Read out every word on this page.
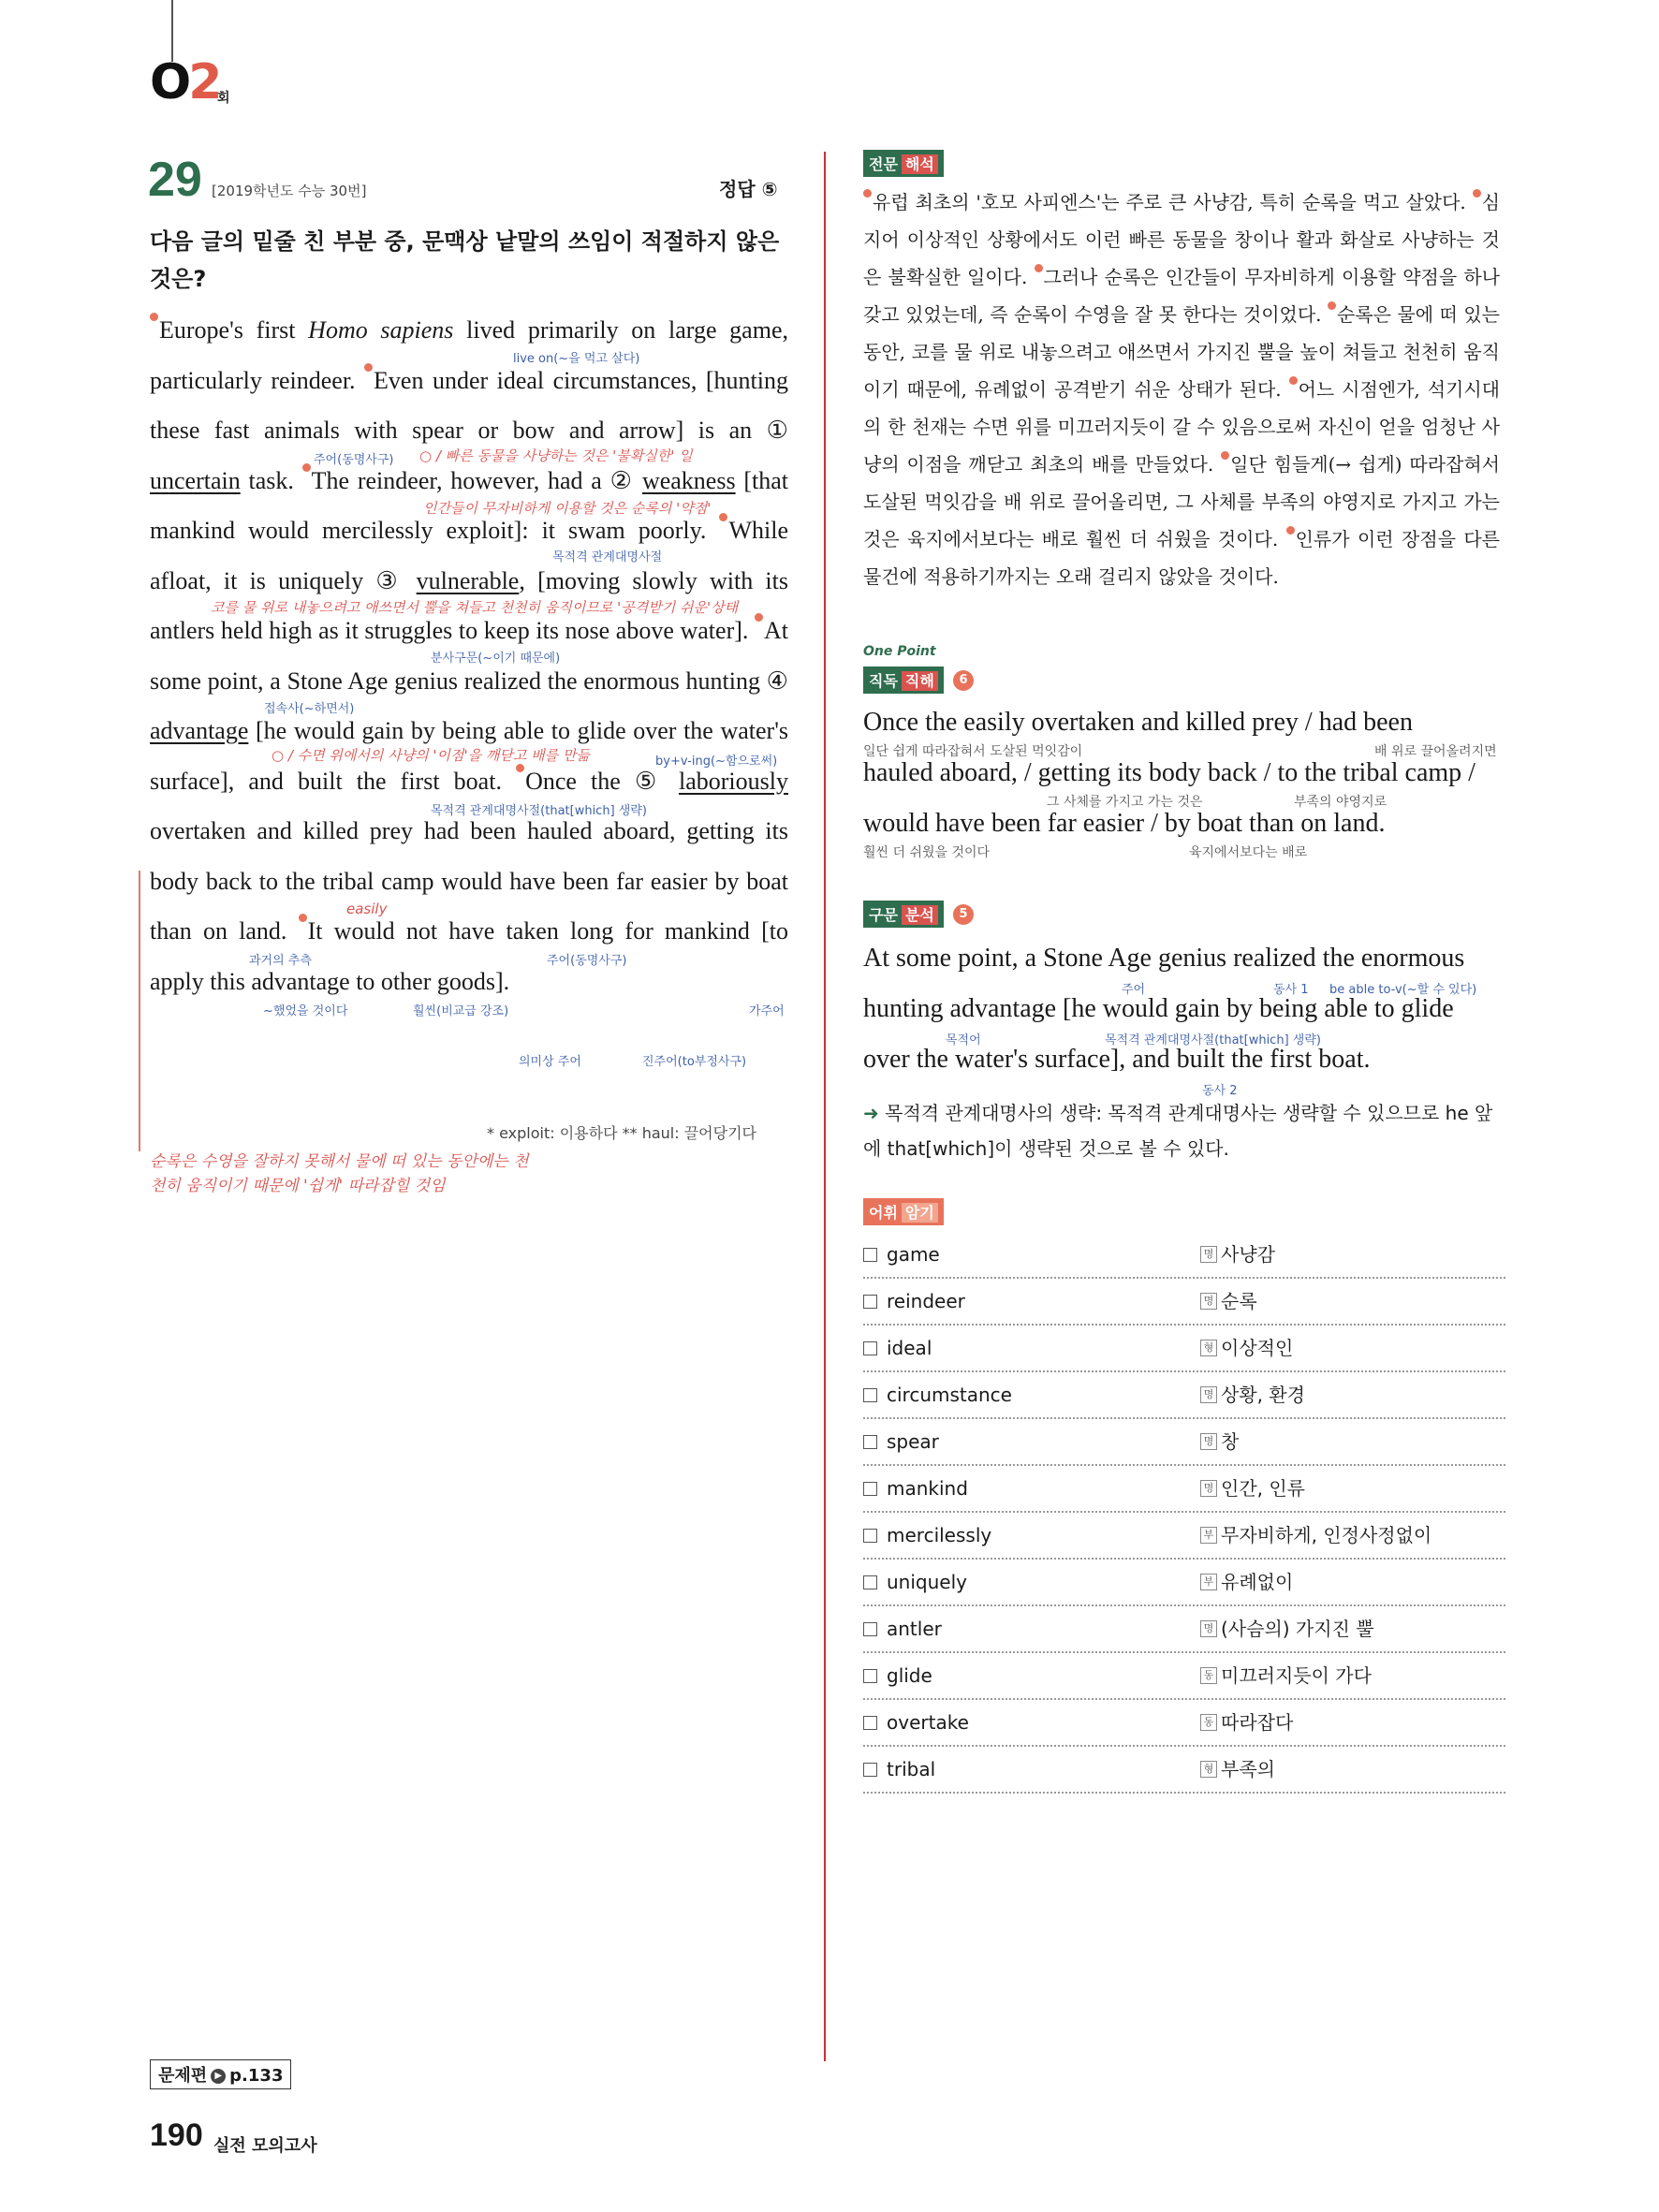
O2
회
29 [2019학년도 수능 30번]	정답 ⑤
다음 글의 밑줄 친 부분 중, 문맥상 낱말의 쓰임이 적절하지 않은 것은?

Europe's first Homo sapiens lived primarily on large game, particularly reindeer. Even under ideal circumstances, [hunting these fast animals with spear or bow and arrow] is an ① uncertain task. The reindeer, however, had a ② weakness [that mankind would mercilessly exploit]: it swam poorly. While afloat, it is uniquely ③ vulnerable, [moving slowly with its antlers held high as it struggles to keep its nose above water]. At some point, a Stone Age genius realized the enormous hunting ④ advantage [he would gain by being able to glide over the water's surface], and built the first boat. Once the ⑤ laboriously overtaken and killed prey had been hauled aboard, getting its body back to the tribal camp would have been far easier by boat than on land. It would not have taken long for mankind [to apply this advantage to other goods].

live on(~을 먹고 살다)
주어(동명사구) ○ / 빠른 동물을 사냥하는 것은 '불확실한' 일
인간들이 무자비하게 이용할 것은 순록의 '약점'
목적격 관계대명사절
코를 물 위로 내놓으려고 애쓰면서 뿔을 쳐들고 천천히 움직이므로 '공격받기 쉬운'상태
분사구문(~이기 때문에)
접속사(~하면서)
○ / 수면 위에서의 사냥의 '이점'을 깨닫고 배를 만듦	by+v-ing(~함으로써)
목적격 관계대명사절(that[which] 생략)
easily
과거의 추측	주어(동명사구)
~했었을 것이다	훨씬(비교급 강조)	가주어
의미상 주어	진주어(to부정사구)
* exploit: 이용하다 ** haul: 끌어당기다
순록은 수영을 잘하지 못해서 물에 떠 있는 동안에는 천천히 움직이기 때문에 '쉽게' 따라잡힐 것임
전문 해석
유럽 최초의 '호모 사피엔스'는 주로 큰 사냥감, 특히 순록을 먹고 살았다. 심지어 이상적인 상황에서도 이런 빠른 동물을 창이나 활과 화살로 사냥하는 것은 불확실한 일이다. 그러나 순록은 인간들이 무자비하게 이용할 약점을 하나 갖고 있었는데, 즉 순록이 수영을 잘 못 한다는 것이었다. 순록은 물에 떠 있는 동안, 코를 물 위로 내놓으려고 애쓰면서 가지진 뿔을 높이 쳐들고 천천히 움직이기 때문에, 유례없이 공격받기 쉬운 상태가 된다. 어느 시점엔가, 석기시대의 한 천재는 수면 위를 미끄러지듯이 갈 수 있음으로써 자신이 얻을 엄청난 사냥의 이점을 깨닫고 최초의 배를 만들었다. 일단 힘들게(→ 쉽게) 따라잡혀서 도살된 먹잇감을 배 위로 끌어올리면, 그 사체를 부족의 야영지로 가지고 가는 것은 육지에서보다는 배로 훨씬 더 쉬웠을 것이다. 인류가 이런 장점을 다른 물건에 적용하기까지는 오래 걸리지 않았을 것이다.
One Point
직독 직해	6
Once the easily overtaken and killed prey / had been
일단 쉽게 따라잡혀서 도살된 먹잇감이	배 위로 끌어올려지면
hauled aboard, / getting its body back / to the tribal camp /
그 사체를 가지고 가는 것은	부족의 야영지로
would have been far easier / by boat than on land.
훨씬 더 쉬웠을 것이다	육지에서보다는 배로
구문 분석	5
At some point, a Stone Age genius realized the enormous
주어	동사 1 be able to-v(~할 수 있다)
hunting advantage [he would gain by being able to glide
목적어	목적격 관계대명사절(that[which] 생략)
over the water's surface], and built the first boat.
동사 2
➜ 목적격 관계대명사의 생략: 목적격 관계대명사는 생략할 수 있으므로 he 앞에 that[which]이 생략된 것으로 볼 수 있다.
어휘 암기
game	명 사냥감
reindeer	명 순록
ideal	형 이상적인
circumstance	명 상황, 환경
spear	명 창
mankind	명 인간, 인류
mercilessly	부 무자비하게, 인정사정없이
uniquely	부 유례없이
antler	명 (사슴의) 가지진 뿔
glide	동 미끄러지듯이 가다
overtake	동 따라잡다
tribal	형 부족의
문제편 ▶ p.133
190 실전 모의고사
